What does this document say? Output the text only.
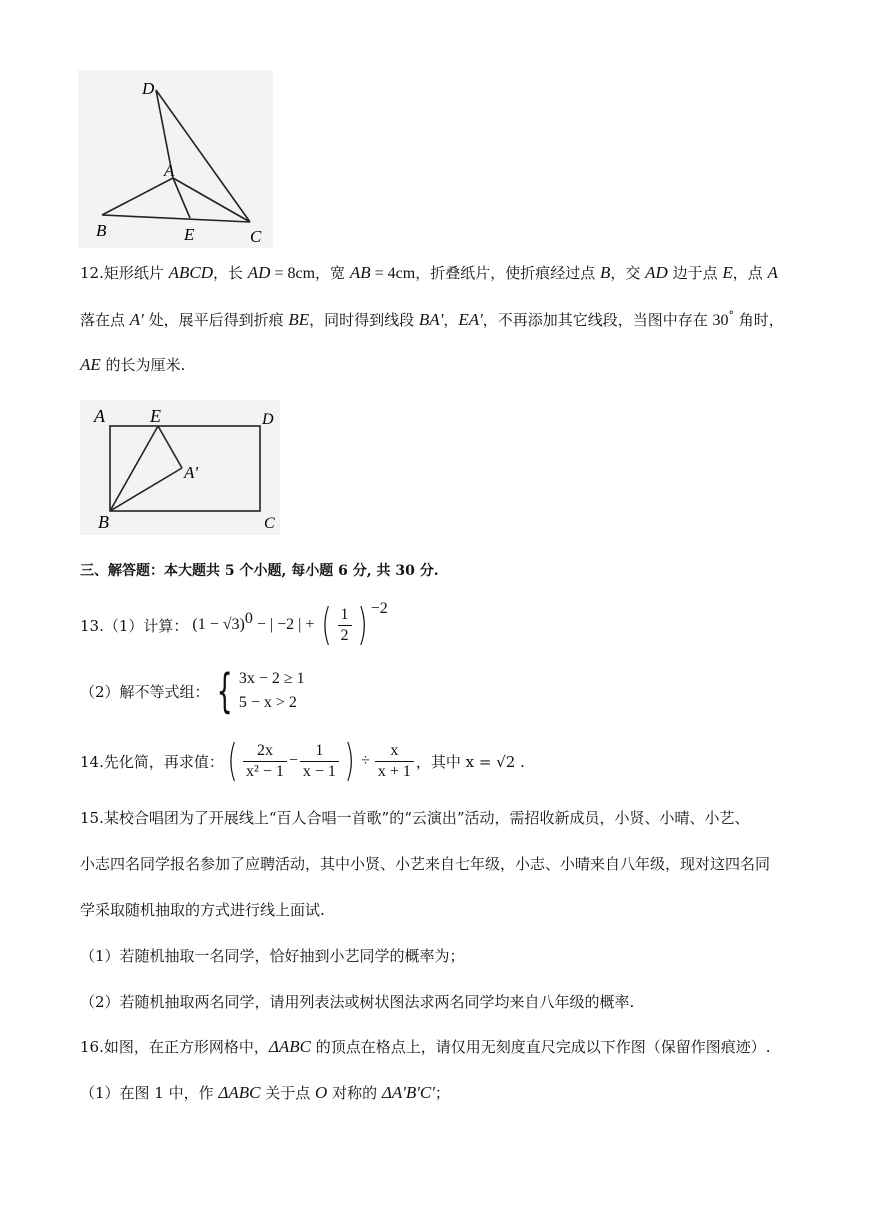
D
A
B	E	C
12.矩形纸片 ABCD，长 AD = 8cm，宽 AB = 4cm，折叠纸片，使折痕经过点 B，交 AD 边于点 E，点 A
落在点 A' 处，展平后得到折痕 BE，同时得到线段 BA'，EA'，不再添加其它线段，当图中存在 30° 角时，
AE 的长为厘米.
A	E	D
A'
B	C
三、解答题：本大题共 5 个小题, 每小题 6 分, 共 30 分.
13.（1）计算： (1 − √3) 0 − | −2 | + ( $\frac{1}{2}$ ) −2
（2）解不等式组： { 3x − 2 ≥ 1
5 − x > 2
14.先化简，再求值： ( $\frac{2x}{\text{x² − 1}} - \frac{1}{x - 1}$ ) ÷ $\frac{x}{x + 1}$ ，其中 x = √2 .
15.某校合唱团为了开展线上“百人合唱一首歌”的“云演出”活动，需招收新成员，小贤、小晴、小艺、
小志四名同学报名参加了应聘活动，其中小贤、小艺来自七年级，小志、小晴来自八年级，现对这四名同
学采取随机抽取的方式进行线上面试.
（1）若随机抽取一名同学，恰好抽到小艺同学的概率为；
（2）若随机抽取两名同学，请用列表法或树状图法求两名同学均来自八年级的概率.
16.如图，在正方形网格中，ΔABC 的顶点在格点上，请仅用无刻度直尺完成以下作图（保留作图痕迹）.
（1）在图 1 中，作 ΔABC 关于点 O 对称的 ΔA'B'C'；
